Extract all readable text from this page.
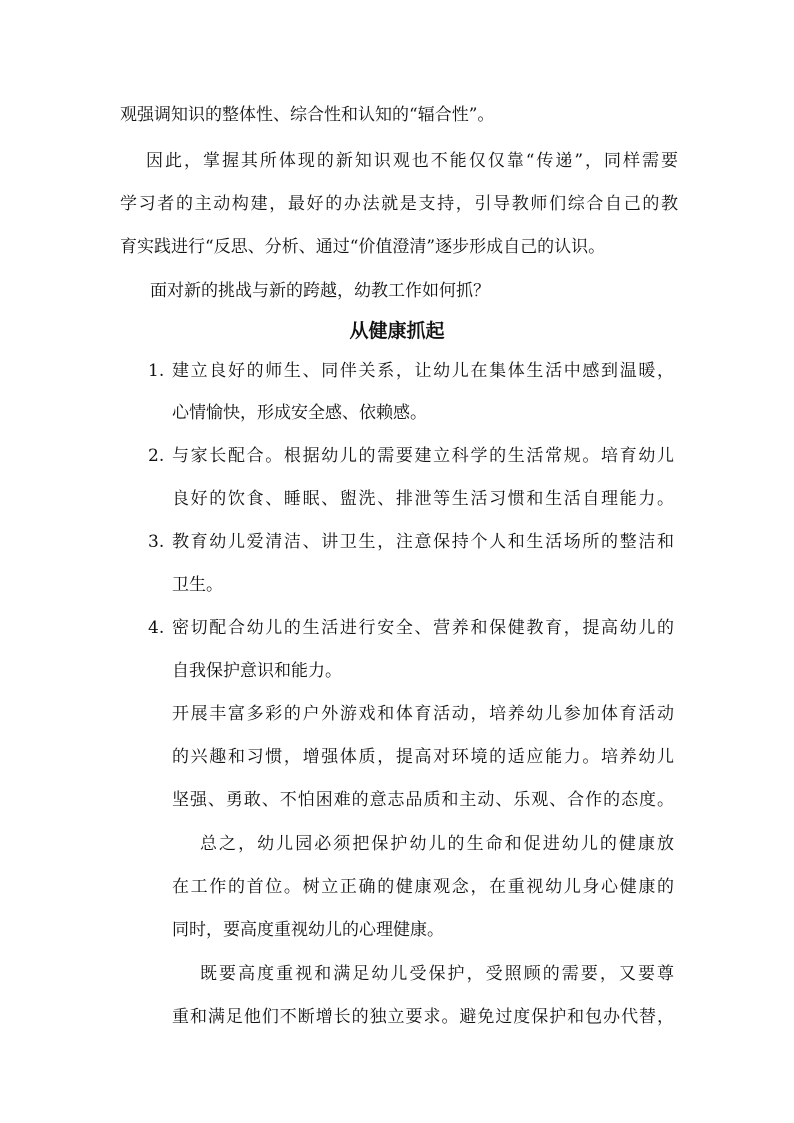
观强调知识的整体性、综合性和认知的“辐合性”。
因此，掌握其所体现的新知识观也不能仅仅靠“传递”，同样需要
学习者的主动构建，最好的办法就是支持，引导教师们综合自己的教
育实践进行“反思、分析、通过“价值澄清”逐步形成自己的认识。
面对新的挑战与新的跨越，幼教工作如何抓？
从健康抓起
1. 建立良好的师生、同伴关系，让幼儿在集体生活中感到温暖，
心情愉快，形成安全感、依赖感。
2. 与家长配合。根据幼儿的需要建立科学的生活常规。培育幼儿
良好的饮食、睡眠、盥洗、排泄等生活习惯和生活自理能力。
3. 教育幼儿爱清洁、讲卫生，注意保持个人和生活场所的整洁和
卫生。
4. 密切配合幼儿的生活进行安全、营养和保健教育，提高幼儿的
自我保护意识和能力。
开展丰富多彩的户外游戏和体育活动，培养幼儿参加体育活动
的兴趣和习惯，增强体质，提高对环境的适应能力。培养幼儿
坚强、勇敢、不怕困难的意志品质和主动、乐观、合作的态度。
总之，幼儿园必须把保护幼儿的生命和促进幼儿的健康放
在工作的首位。树立正确的健康观念，在重视幼儿身心健康的
同时，要高度重视幼儿的心理健康。
既要高度重视和满足幼儿受保护，受照顾的需要，又要尊
重和满足他们不断增长的独立要求。避免过度保护和包办代替，
